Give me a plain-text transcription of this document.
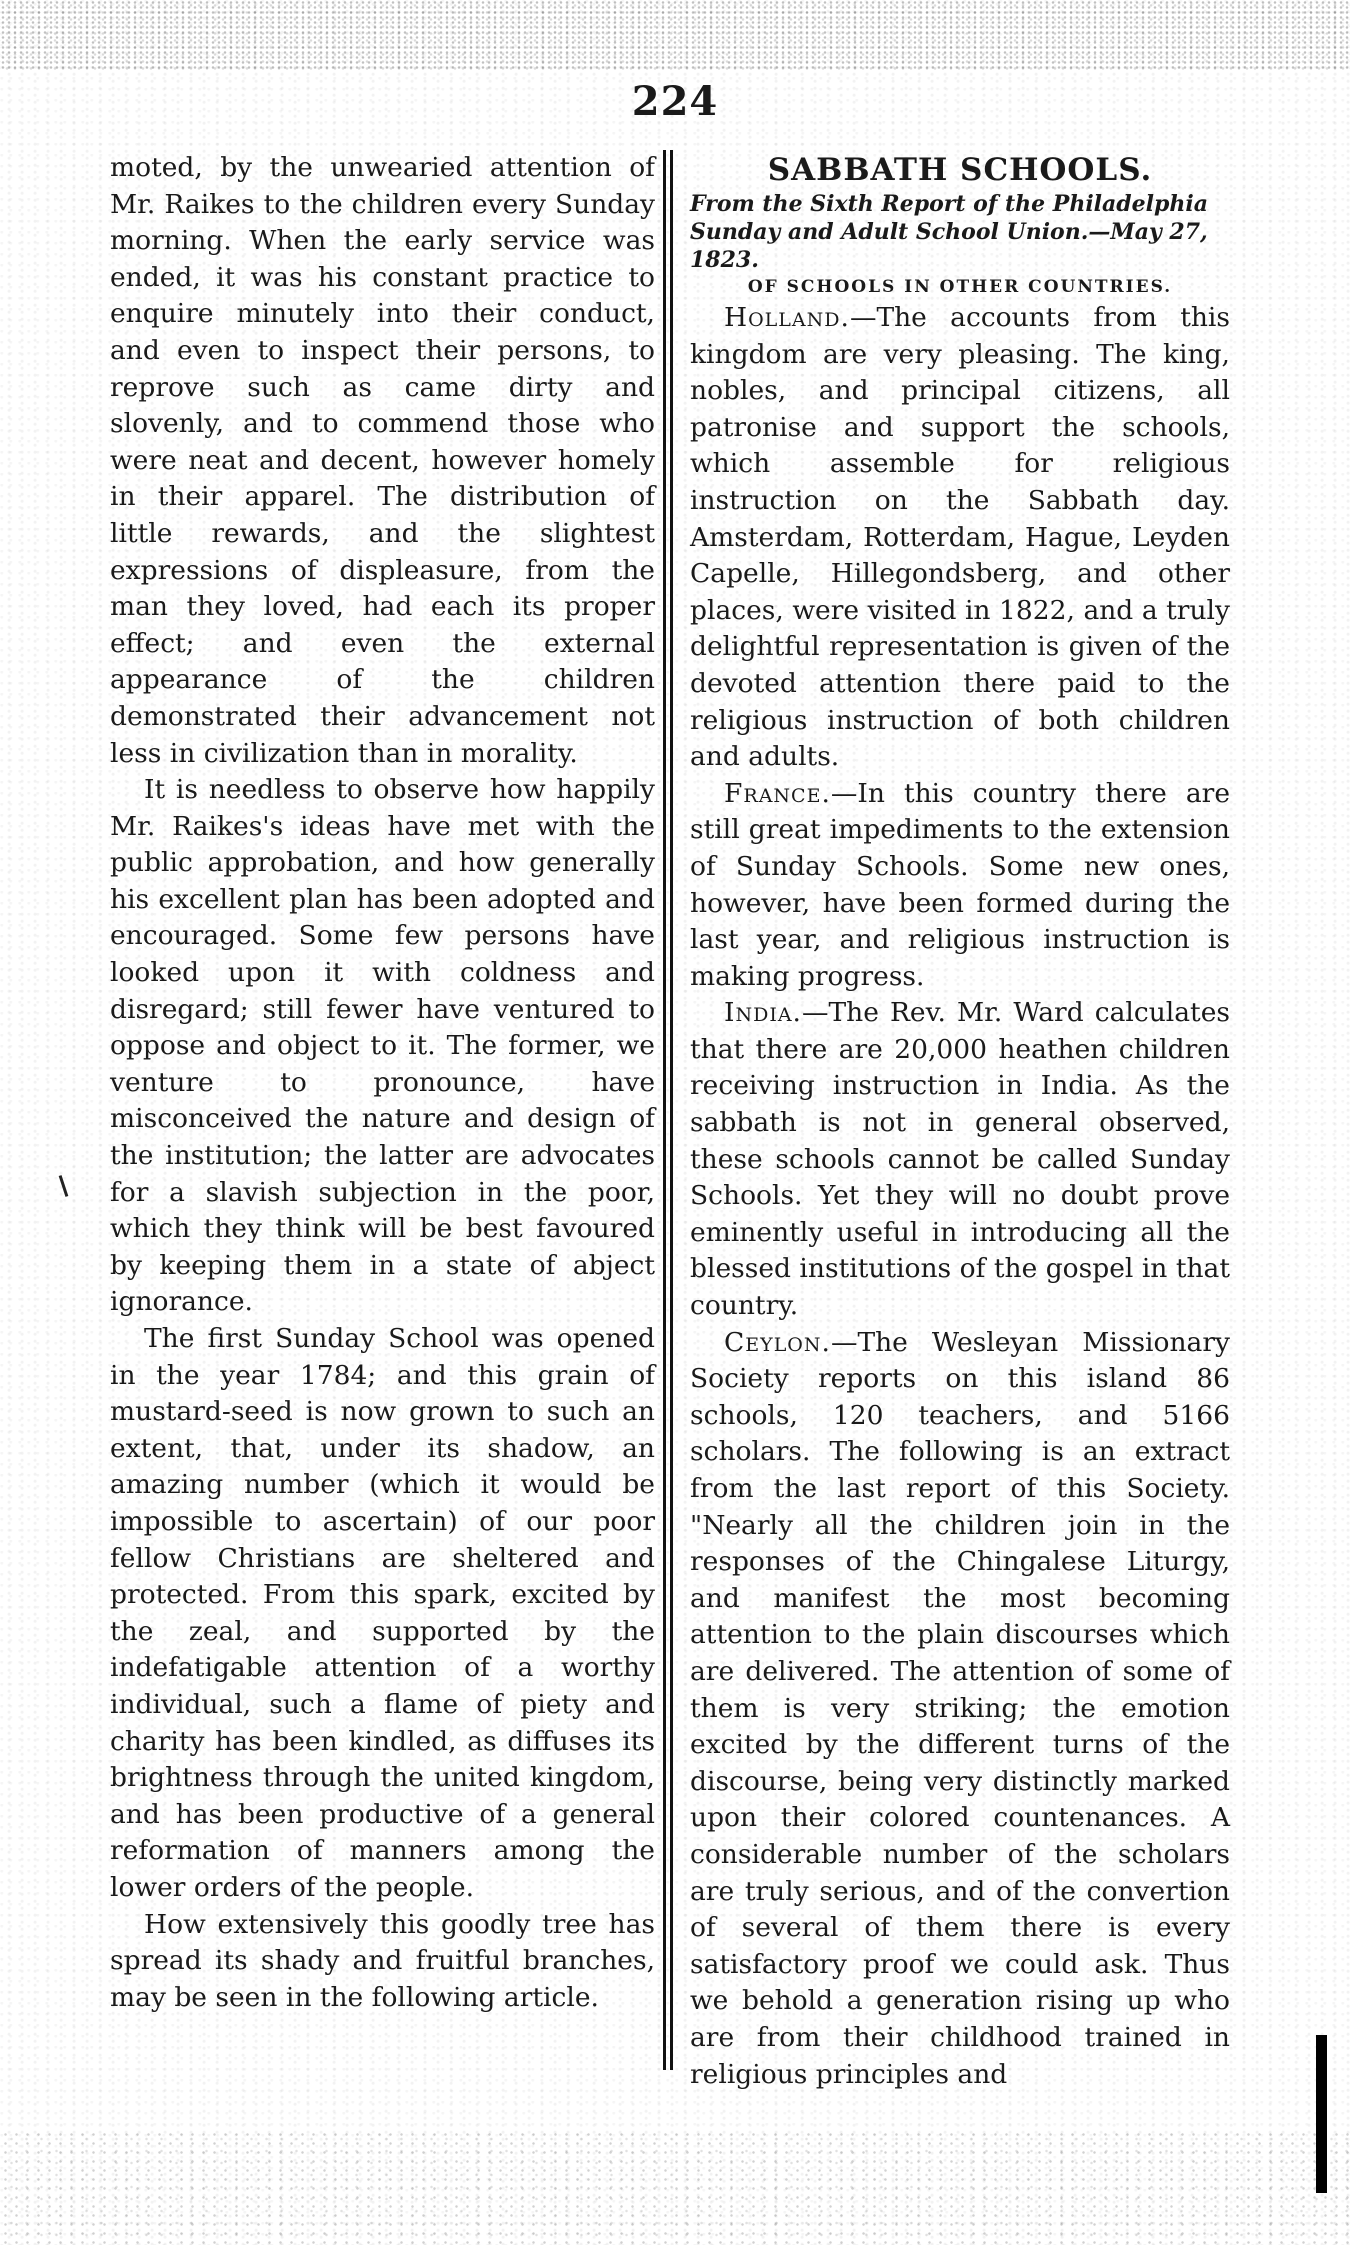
224

moted, by the unwearied attention of Mr. Raikes to the children every Sunday morning. When the early service was ended, it was his constant practice to enquire minutely into their conduct, and even to inspect their persons, to reprove such as came dirty and slovenly, and to commend those who were neat and decent, however homely in their apparel. The distribution of little rewards, and the slightest expressions of displeasure, from the man they loved, had each its proper effect; and even the external appearance of the children demonstrated their advancement not less in civilization than in morality.

It is needless to observe how happily Mr. Raikes's ideas have met with the public approbation, and how generally his excellent plan has been adopted and encouraged. Some few persons have looked upon it with coldness and disregard; still fewer have ventured to oppose and object to it. The former, we venture to pronounce, have misconceived the nature and design of the institution; the latter are advocates for a slavish subjection in the poor, which they think will be best favoured by keeping them in a state of abject ignorance.

The first Sunday School was opened in the year 1784; and this grain of mustard-seed is now grown to such an extent, that, under its shadow, an amazing number (which it would be impossible to ascertain) of our poor fellow Christians are sheltered and protected. From this spark, excited by the zeal, and supported by the indefatigable attention of a worthy individual, such a flame of piety and charity has been kindled, as diffuses its brightness through the united kingdom, and has been productive of a general reformation of manners among the lower orders of the people.

How extensively this goodly tree has spread its shady and fruitful branches, may be seen in the following article.

SABBATH SCHOOLS.

From the Sixth Report of the Philadelphia Sunday and Adult School Union.—May 27, 1823.

OF SCHOOLS IN OTHER COUNTRIES.

Holland.—The accounts from this kingdom are very pleasing. The king, nobles, and principal citizens, all patronise and support the schools, which assemble for religious instruction on the Sabbath day. Amsterdam, Rotterdam, Hague, Leyden Capelle, Hillegondsberg, and other places, were visited in 1822, and a truly delightful representation is given of the devoted attention there paid to the religious instruction of both children and adults.

France.—In this country there are still great impediments to the extension of Sunday Schools. Some new ones, however, have been formed during the last year, and religious instruction is making progress.

India.—The Rev. Mr. Ward calculates that there are 20,000 heathen children receiving instruction in India. As the sabbath is not in general observed, these schools cannot be called Sunday Schools. Yet they will no doubt prove eminently useful in introducing all the blessed institutions of the gospel in that country.

Ceylon.—The Wesleyan Missionary Society reports on this island 86 schools, 120 teachers, and 5166 scholars. The following is an extract from the last report of this Society. "Nearly all the children join in the responses of the Chingalese Liturgy, and manifest the most becoming attention to the plain discourses which are delivered. The attention of some of them is very striking; the emotion excited by the different turns of the discourse, being very distinctly marked upon their colored countenances. A considerable number of the scholars are truly serious, and of the convertion of several of them there is every satisfactory proof we could ask. Thus we behold a generation rising up who are from their childhood trained in religious principles and
